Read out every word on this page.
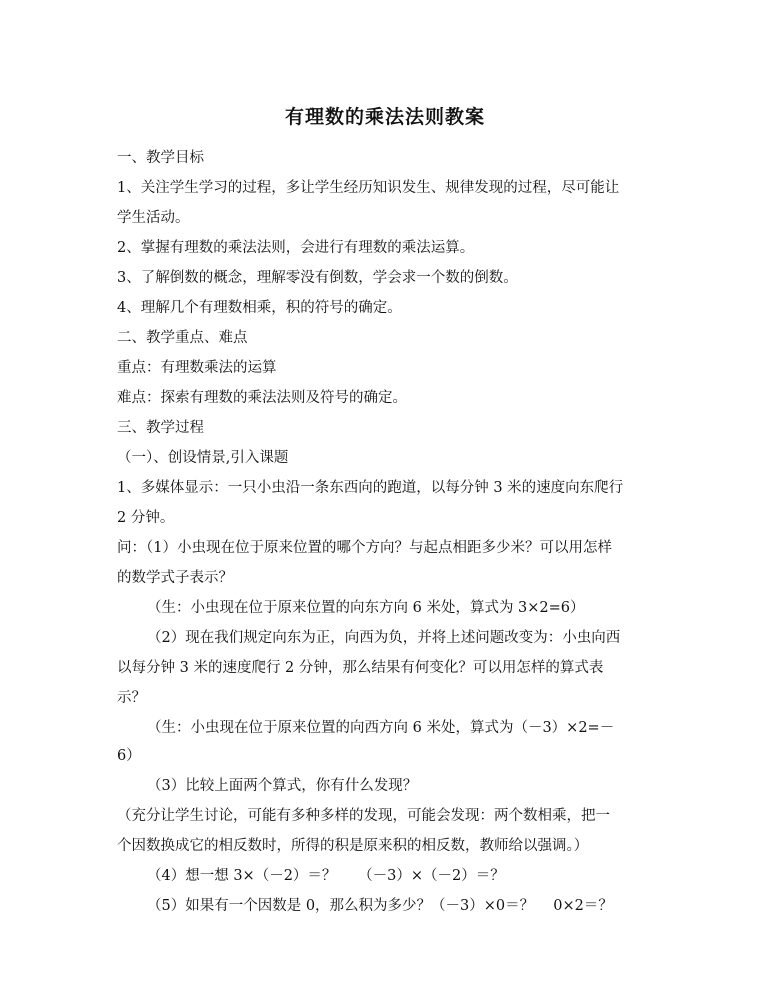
有理数的乘法法则教案
一、教学目标
1、关注学生学习的过程，多让学生经历知识发生、规律发现的过程，尽可能让
学生活动。
2、掌握有理数的乘法法则，会进行有理数的乘法运算。
3、了解倒数的概念，理解零没有倒数，学会求一个数的倒数。
4、理解几个有理数相乘，积的符号的确定。
二、教学重点、难点
重点：有理数乘法的运算
难点：探索有理数的乘法法则及符号的确定。
三、教学过程
（一）、创设情景,引入课题
1、多媒体显示：一只小虫沿一条东西向的跑道，以每分钟 3 米的速度向东爬行
2 分钟。
问：（1）小虫现在位于原来位置的哪个方向？与起点相距多少米？可以用怎样
的数学式子表示？
（生：小虫现在位于原来位置的向东方向 6 米处，算式为 3×2=6）
（2）现在我们规定向东为正，向西为负，并将上述问题改变为：小虫向西
以每分钟 3 米的速度爬行 2 分钟，那么结果有何变化？可以用怎样的算式表
示？
（生：小虫现在位于原来位置的向西方向 6 米处，算式为（－3）×2=－
6）
（3）比较上面两个算式，你有什么发现？
（充分让学生讨论，可能有多种多样的发现，可能会发现：两个数相乘，把一
个因数换成它的相反数时，所得的积是原来积的相反数，教师给以强调。）
（4）想一想 3×（－2）＝？　　（－3）×（－2）＝？
（5）如果有一个因数是 0，那么积为多少？（－3）×0＝？　 0×2＝？
